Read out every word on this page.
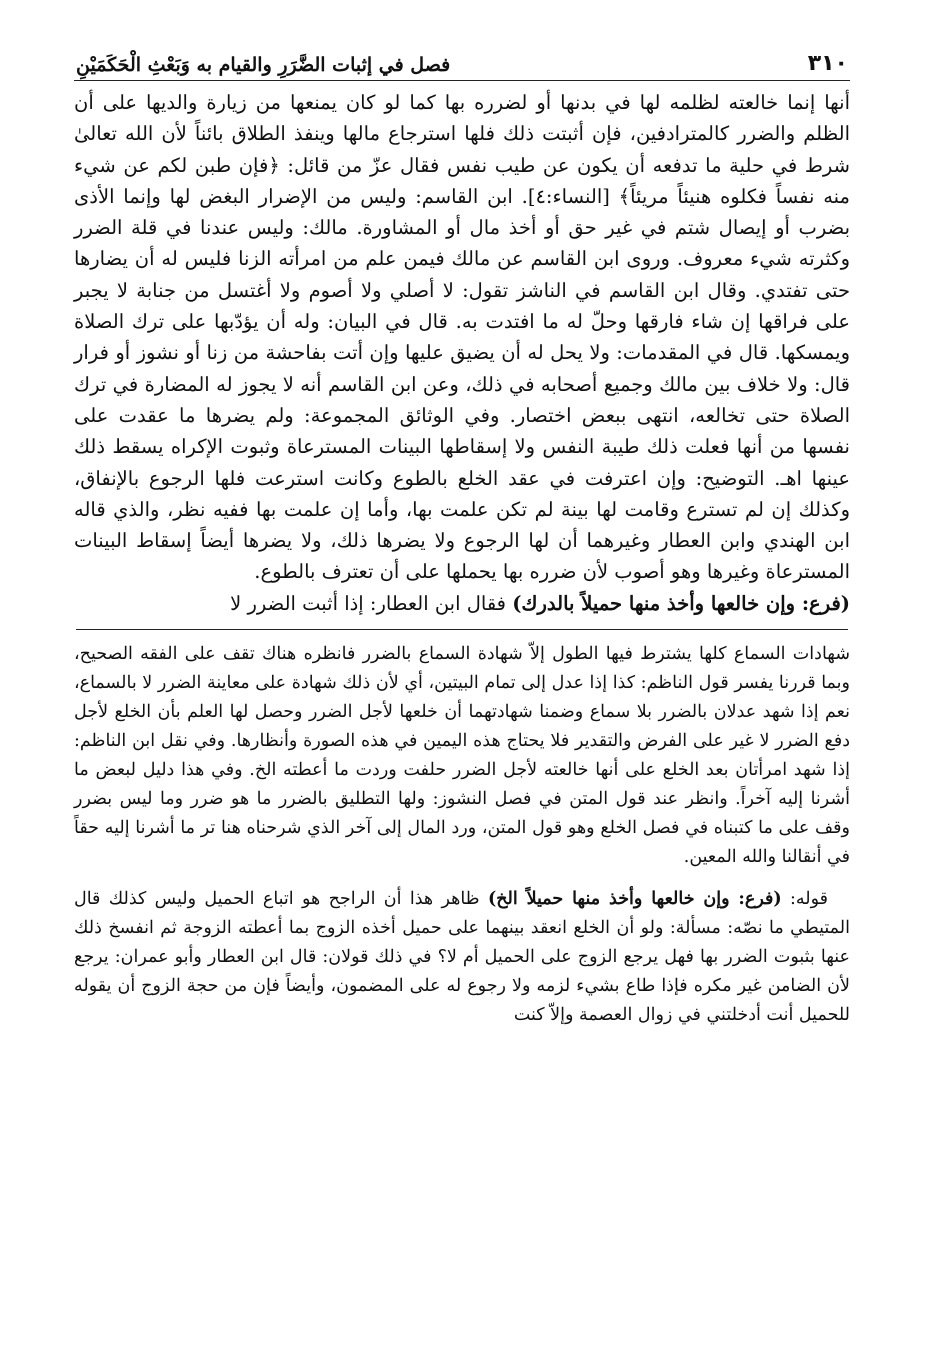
٣١٠
فصل في إثبات الضَّرَرِ والقيام به وَبَعْثِ الْحَكَمَيْنِ

أنها إنما خالعته لظلمه لها في بدنها أو لضرره بها كما لو كان يمنعها من زيارة والديها على أن الظلم والضرر كالمترادفين، فإن أثبتت ذلك فلها استرجاع مالها وينفذ الطلاق بائناً لأن الله تعالىٰ شرط في حلية ما تدفعه أن يكون عن طيب نفس فقال عزّ من قائل: ﴿فإن طبن لكم عن شيء منه نفساً فكلوه هنيئاً مريئاً﴾ [النساء:٤]. ابن القاسم: وليس من الإضرار البغض لها وإنما الأذى بضرب أو إيصال شتم في غير حق أو أخذ مال أو المشاورة. مالك: وليس عندنا في قلة الضرر وكثرته شيء معروف. وروى ابن القاسم عن مالك فيمن علم من امرأته الزنا فليس له أن يضارها حتى تفتدي. وقال ابن القاسم في الناشز تقول: لا أصلي ولا أصوم ولا أغتسل من جنابة لا يجبر على فراقها إن شاء فارقها وحلّ له ما افتدت به. قال في البيان: وله أن يؤدّبها على ترك الصلاة ويمسكها. قال في المقدمات: ولا يحل له أن يضيق عليها وإن أتت بفاحشة من زنا أو نشوز أو فرار قال: ولا خلاف بين مالك وجميع أصحابه في ذلك، وعن ابن القاسم أنه لا يجوز له المضارة في ترك الصلاة حتى تخالعه، انتهى ببعض اختصار. وفي الوثائق المجموعة: ولم يضرها ما عقدت على نفسها من أنها فعلت ذلك طيبة النفس ولا إسقاطها البينات المسترعاة وثبوت الإكراه يسقط ذلك عينها اهـ. التوضيح: وإن اعترفت في عقد الخلع بالطوع وكانت استرعت فلها الرجوع بالإنفاق، وكذلك إن لم تسترع وقامت لها بينة لم تكن علمت بها، وأما إن علمت بها ففيه نظر، والذي قاله ابن الهندي وابن العطار وغيرهما أن لها الرجوع ولا يضرها ذلك، ولا يضرها أيضاً إسقاط البينات المسترعاة وغيرها وهو أصوب لأن ضرره بها يحملها على أن تعترف بالطوع.

(فرع: وإن خالعها وأخذ منها حميلاً بالدرك) فقال ابن العطار: إذا أثبت الضرر لا

شهادات السماع كلها يشترط فيها الطول إلاّ شهادة السماع بالضرر فانظره هناك تقف على الفقه الصحيح، وبما قررنا يفسر قول الناظم: كذا إذا عدل إلى تمام البيتين، أي لأن ذلك شهادة على معاينة الضرر لا بالسماع، نعم إذا شهد عدلان بالضرر بلا سماع وضمنا شهادتهما أن خلعها لأجل الضرر وحصل لها العلم بأن الخلع لأجل دفع الضرر لا غير على الفرض والتقدير فلا يحتاج هذه اليمين في هذه الصورة وأنظارها. وفي نقل ابن الناظم: إذا شهد امرأتان بعد الخلع على أنها خالعته لأجل الضرر حلفت وردت ما أعطته الخ. وفي هذا دليل لبعض ما أشرنا إليه آخراً. وانظر عند قول المتن في فصل النشوز: ولها التطليق بالضرر ما هو ضرر وما ليس بضرر وقف على ما كتبناه في فصل الخلع وهو قول المتن، ورد المال إلى آخر الذي شرحناه هنا تر ما أشرنا إليه حقاً في أنقالنا والله المعين.

قوله: (فرع: وإن خالعها وأخذ منها حميلاً الخ) ظاهر هذا أن الراجح هو اتباع الحميل وليس كذلك قال المتيطي ما نصّه: مسألة: ولو أن الخلع انعقد بينهما على حميل أخذه الزوج بما أعطته الزوجة ثم انفسخ ذلك عنها بثبوت الضرر بها فهل يرجع الزوج على الحميل أم لا؟ في ذلك قولان: قال ابن العطار وأبو عمران: يرجع لأن الضامن غير مكره فإذا طاع بشيء لزمه ولا رجوع له على المضمون، وأيضاً فإن من حجة الزوج أن يقوله للحميل أنت أدخلتني في زوال العصمة وإلاّ كنت
